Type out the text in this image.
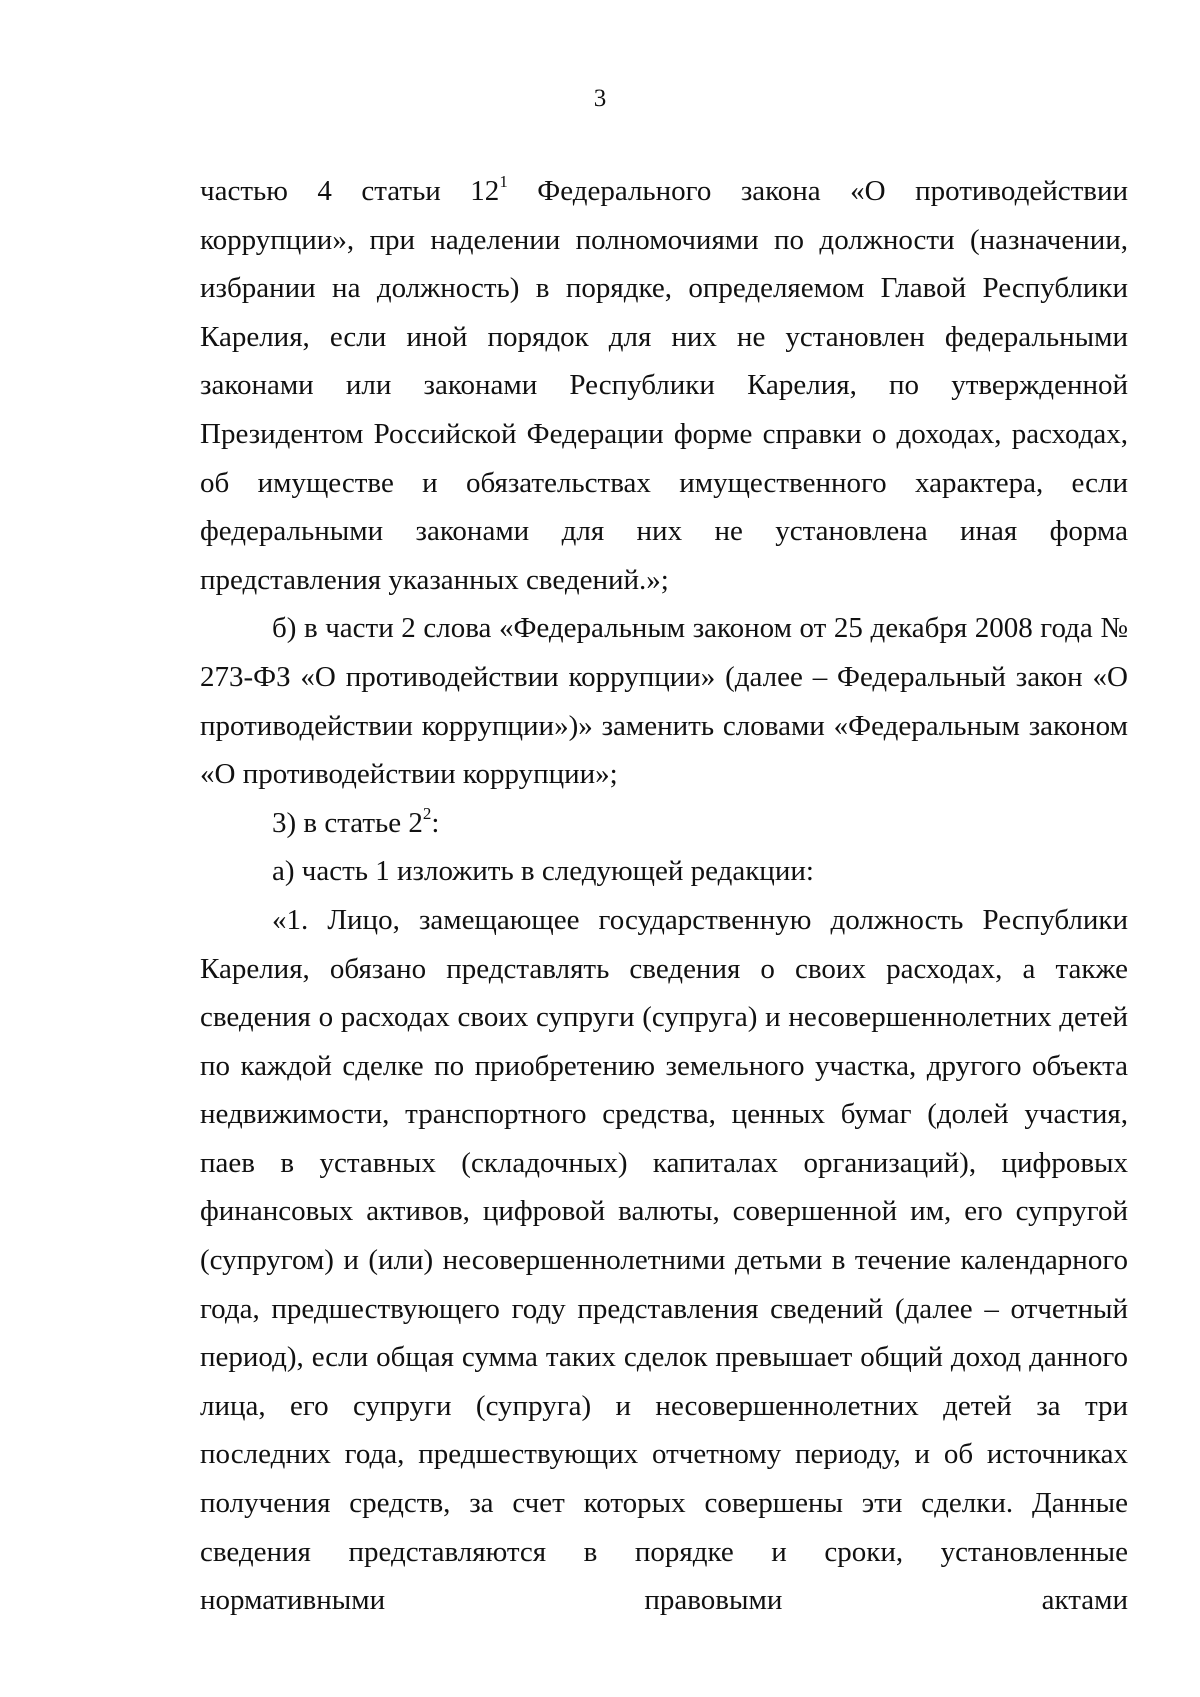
3

частью 4 статьи $12^1$ Федерального закона «О противодействии коррупции», при наделении полномочиями по должности (назначении, избрании на должность) в порядке, определяемом Главой Республики Карелия, если иной порядок для них не установлен федеральными законами или законами Республики Карелия, по утвержденной Президентом Российской Федерации форме справки о доходах, расходах, об имуществе и обязательствах имущественного характера, если федеральными законами для них не установлена иная форма представления указанных сведений.»;

б) в части 2 слова «Федеральным законом от 25 декабря 2008 года № 273-ФЗ «О противодействии коррупции» (далее – Федеральный закон «О противодействии коррупции»)» заменить словами «Федеральным законом «О противодействии коррупции»;

3) в статье $2^2$:

а) часть 1 изложить в следующей редакции:

«1. Лицо, замещающее государственную должность Республики Карелия, обязано представлять сведения о своих расходах, а также сведения о расходах своих супруги (супруга) и несовершеннолетних детей по каждой сделке по приобретению земельного участка, другого объекта недвижимости, транспортного средства, ценных бумаг (долей участия, паев в уставных (складочных) капиталах организаций), цифровых финансовых активов, цифровой валюты, совершенной им, его супругой (супругом) и (или) несовершеннолетними детьми в течение календарного года, предшествующего году представления сведений (далее – отчетный период), если общая сумма таких сделок превышает общий доход данного лица, его супруги (супруга) и несовершеннолетних детей за три последних года, предшествующих отчетному периоду, и об источниках получения средств, за счет которых совершены эти сделки. Данные сведения представляются в порядке и сроки, установленные нормативными правовыми актами
